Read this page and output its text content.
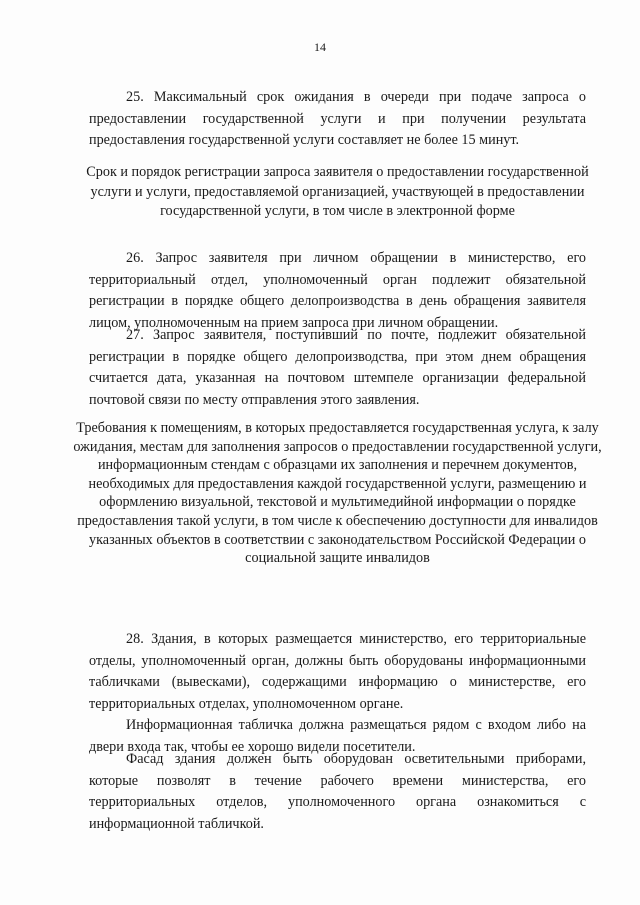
14

25. Максимальный срок ожидания в очереди при подаче запроса о предоставлении государственной услуги и при получении результата предоставления государственной услуги составляет не более 15 минут.

Срок и порядок регистрации запроса заявителя о предоставлении государственной услуги и услуги, предоставляемой организацией, участвующей в предоставлении государственной услуги, в том числе в электронной форме

26. Запрос заявителя при личном обращении в министерство, его территориальный отдел, уполномоченный орган подлежит обязательной регистрации в порядке общего делопроизводства в день обращения заявителя лицом, уполномоченным на прием запроса при личном обращении.

27. Запрос заявителя, поступивший по почте, подлежит обязательной регистрации в порядке общего делопроизводства, при этом днем обращения считается дата, указанная на почтовом штемпеле организации федеральной почтовой связи по месту отправления этого заявления.

Требования к помещениям, в которых предоставляется государственная услуга, к залу ожидания, местам для заполнения запросов о предоставлении государственной услуги, информационным стендам с образцами их заполнения и перечнем документов, необходимых для предоставления каждой государственной услуги, размещению и оформлению визуальной, текстовой и мультимедийной информации о порядке предоставления такой услуги, в том числе к обеспечению доступности для инвалидов указанных объектов в соответствии с законодательством Российской Федерации о социальной защите инвалидов

28. Здания, в которых размещается министерство, его территориальные отделы, уполномоченный орган, должны быть оборудованы информационными табличками (вывесками), содержащими информацию о министерстве, его территориальных отделах, уполномоченном органе.

Информационная табличка должна размещаться рядом с входом либо на двери входа так, чтобы ее хорошо видели посетители.

Фасад здания должен быть оборудован осветительными приборами, которые позволят в течение рабочего времени министерства, его территориальных отделов, уполномоченного органа ознакомиться с информационной табличкой.
